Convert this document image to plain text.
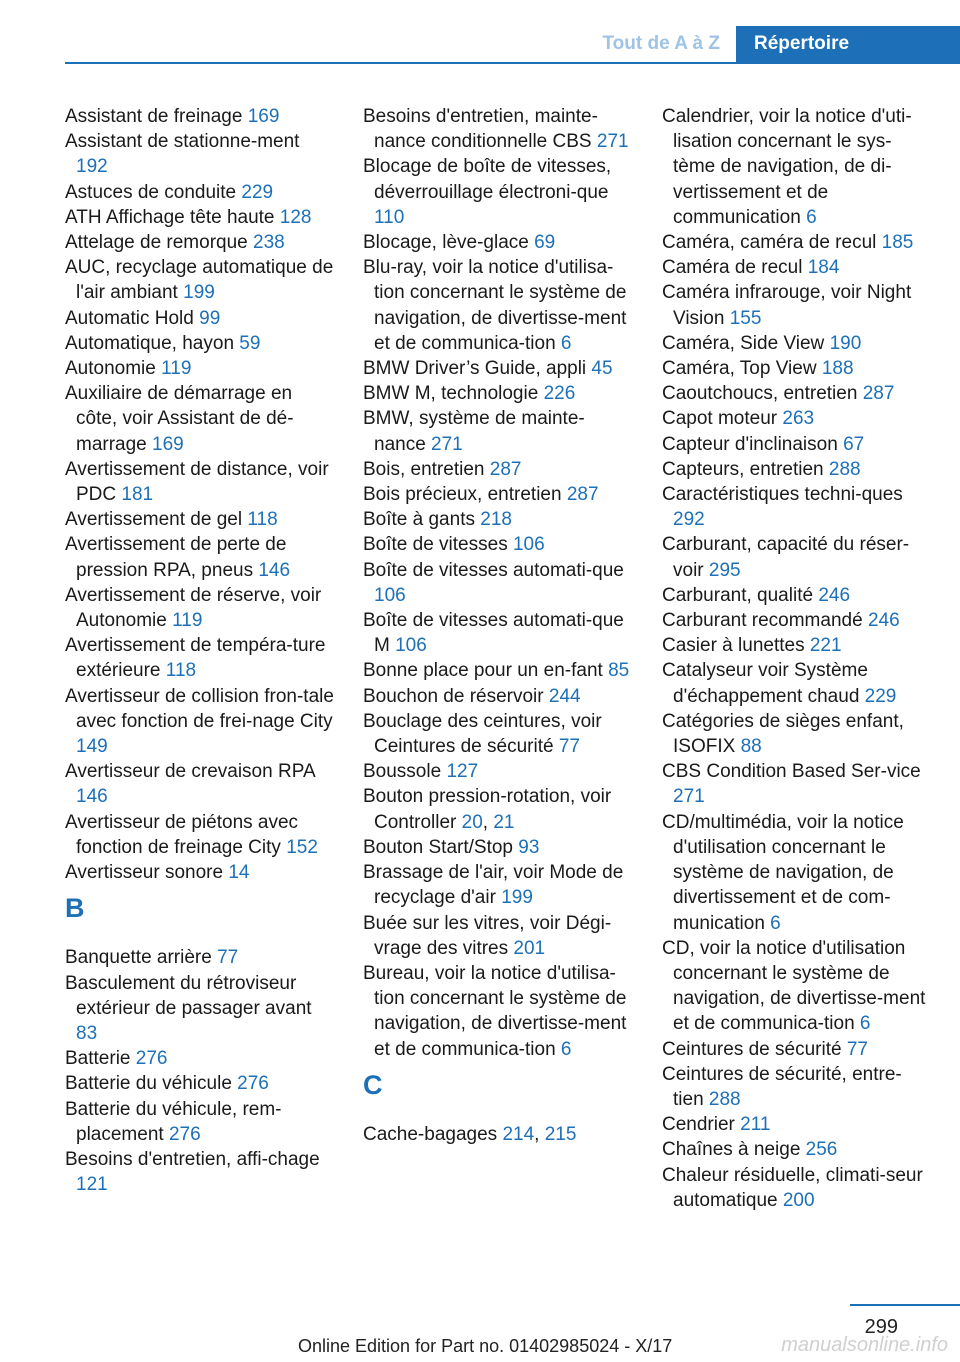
Tout de A à Z	Répertoire
Assistant de freinage 169
Assistant de stationne-ment 192
Astuces de conduite 229
ATH Affichage tête haute 128
Attelage de remorque 238
AUC, recyclage automatique de l'air ambiant 199
Automatic Hold 99
Automatique, hayon 59
Autonomie 119
Auxiliaire de démarrage en côte, voir Assistant de dé-marrage 169
Avertissement de distance, voir PDC 181
Avertissement de gel 118
Avertissement de perte de pression RPA, pneus 146
Avertissement de réserve, voir Autonomie 119
Avertissement de tempéra-ture extérieure 118
Avertisseur de collision fron-tale avec fonction de frei-nage City 149
Avertisseur de crevaison RPA 146
Avertisseur de piétons avec fonction de freinage City 152
Avertisseur sonore 14
B
Banquette arrière 77
Basculement du rétroviseur extérieur de passager avant 83
Batterie 276
Batterie du véhicule 276
Batterie du véhicule, rem-placement 276
Besoins d'entretien, affi-chage 121
Besoins d'entretien, mainte-nance conditionnelle CBS 271
Blocage de boîte de vitesses, déverrouillage électroni-que 110
Blocage, lève-glace 69
Blu-ray, voir la notice d'utilisa-tion concernant le système de navigation, de divertisse-ment et de communica-tion 6
BMW Driver’s Guide, appli 45
BMW M, technologie 226
BMW, système de mainte-nance 271
Bois, entretien 287
Bois précieux, entretien 287
Boîte à gants 218
Boîte de vitesses 106
Boîte de vitesses automati-que 106
Boîte de vitesses automati-que M 106
Bonne place pour un en-fant 85
Bouchon de réservoir 244
Bouclage des ceintures, voir Ceintures de sécurité 77
Boussole 127
Bouton pression-rotation, voir Controller 20, 21
Bouton Start/Stop 93
Brassage de l'air, voir Mode de recyclage d'air 199
Buée sur les vitres, voir Dégi-vrage des vitres 201
Bureau, voir la notice d'utilisa-tion concernant le système de navigation, de divertisse-ment et de communica-tion 6
C
Cache-bagages 214, 215
Calendrier, voir la notice d'uti-lisation concernant le sys-tème de navigation, de di-vertissement et de communication 6
Caméra, caméra de recul 185
Caméra de recul 184
Caméra infrarouge, voir Night Vision 155
Caméra, Side View 190
Caméra, Top View 188
Caoutchoucs, entretien 287
Capot moteur 263
Capteur d'inclinaison 67
Capteurs, entretien 288
Caractéristiques techni-ques 292
Carburant, capacité du réser-voir 295
Carburant, qualité 246
Carburant recommandé 246
Casier à lunettes 221
Catalyseur voir Système d'échappement chaud 229
Catégories de sièges enfant, ISOFIX 88
CBS Condition Based Ser-vice 271
CD/multimédia, voir la notice d'utilisation concernant le système de navigation, de divertissement et de com-munication 6
CD, voir la notice d'utilisation concernant le système de navigation, de divertisse-ment et de communica-tion 6
Ceintures de sécurité 77
Ceintures de sécurité, entre-tien 288
Cendrier 211
Chaînes à neige 256
Chaleur résiduelle, climati-seur automatique 200
299
Online Edition for Part no. 01402985024 - X/17	manualsonline.info
